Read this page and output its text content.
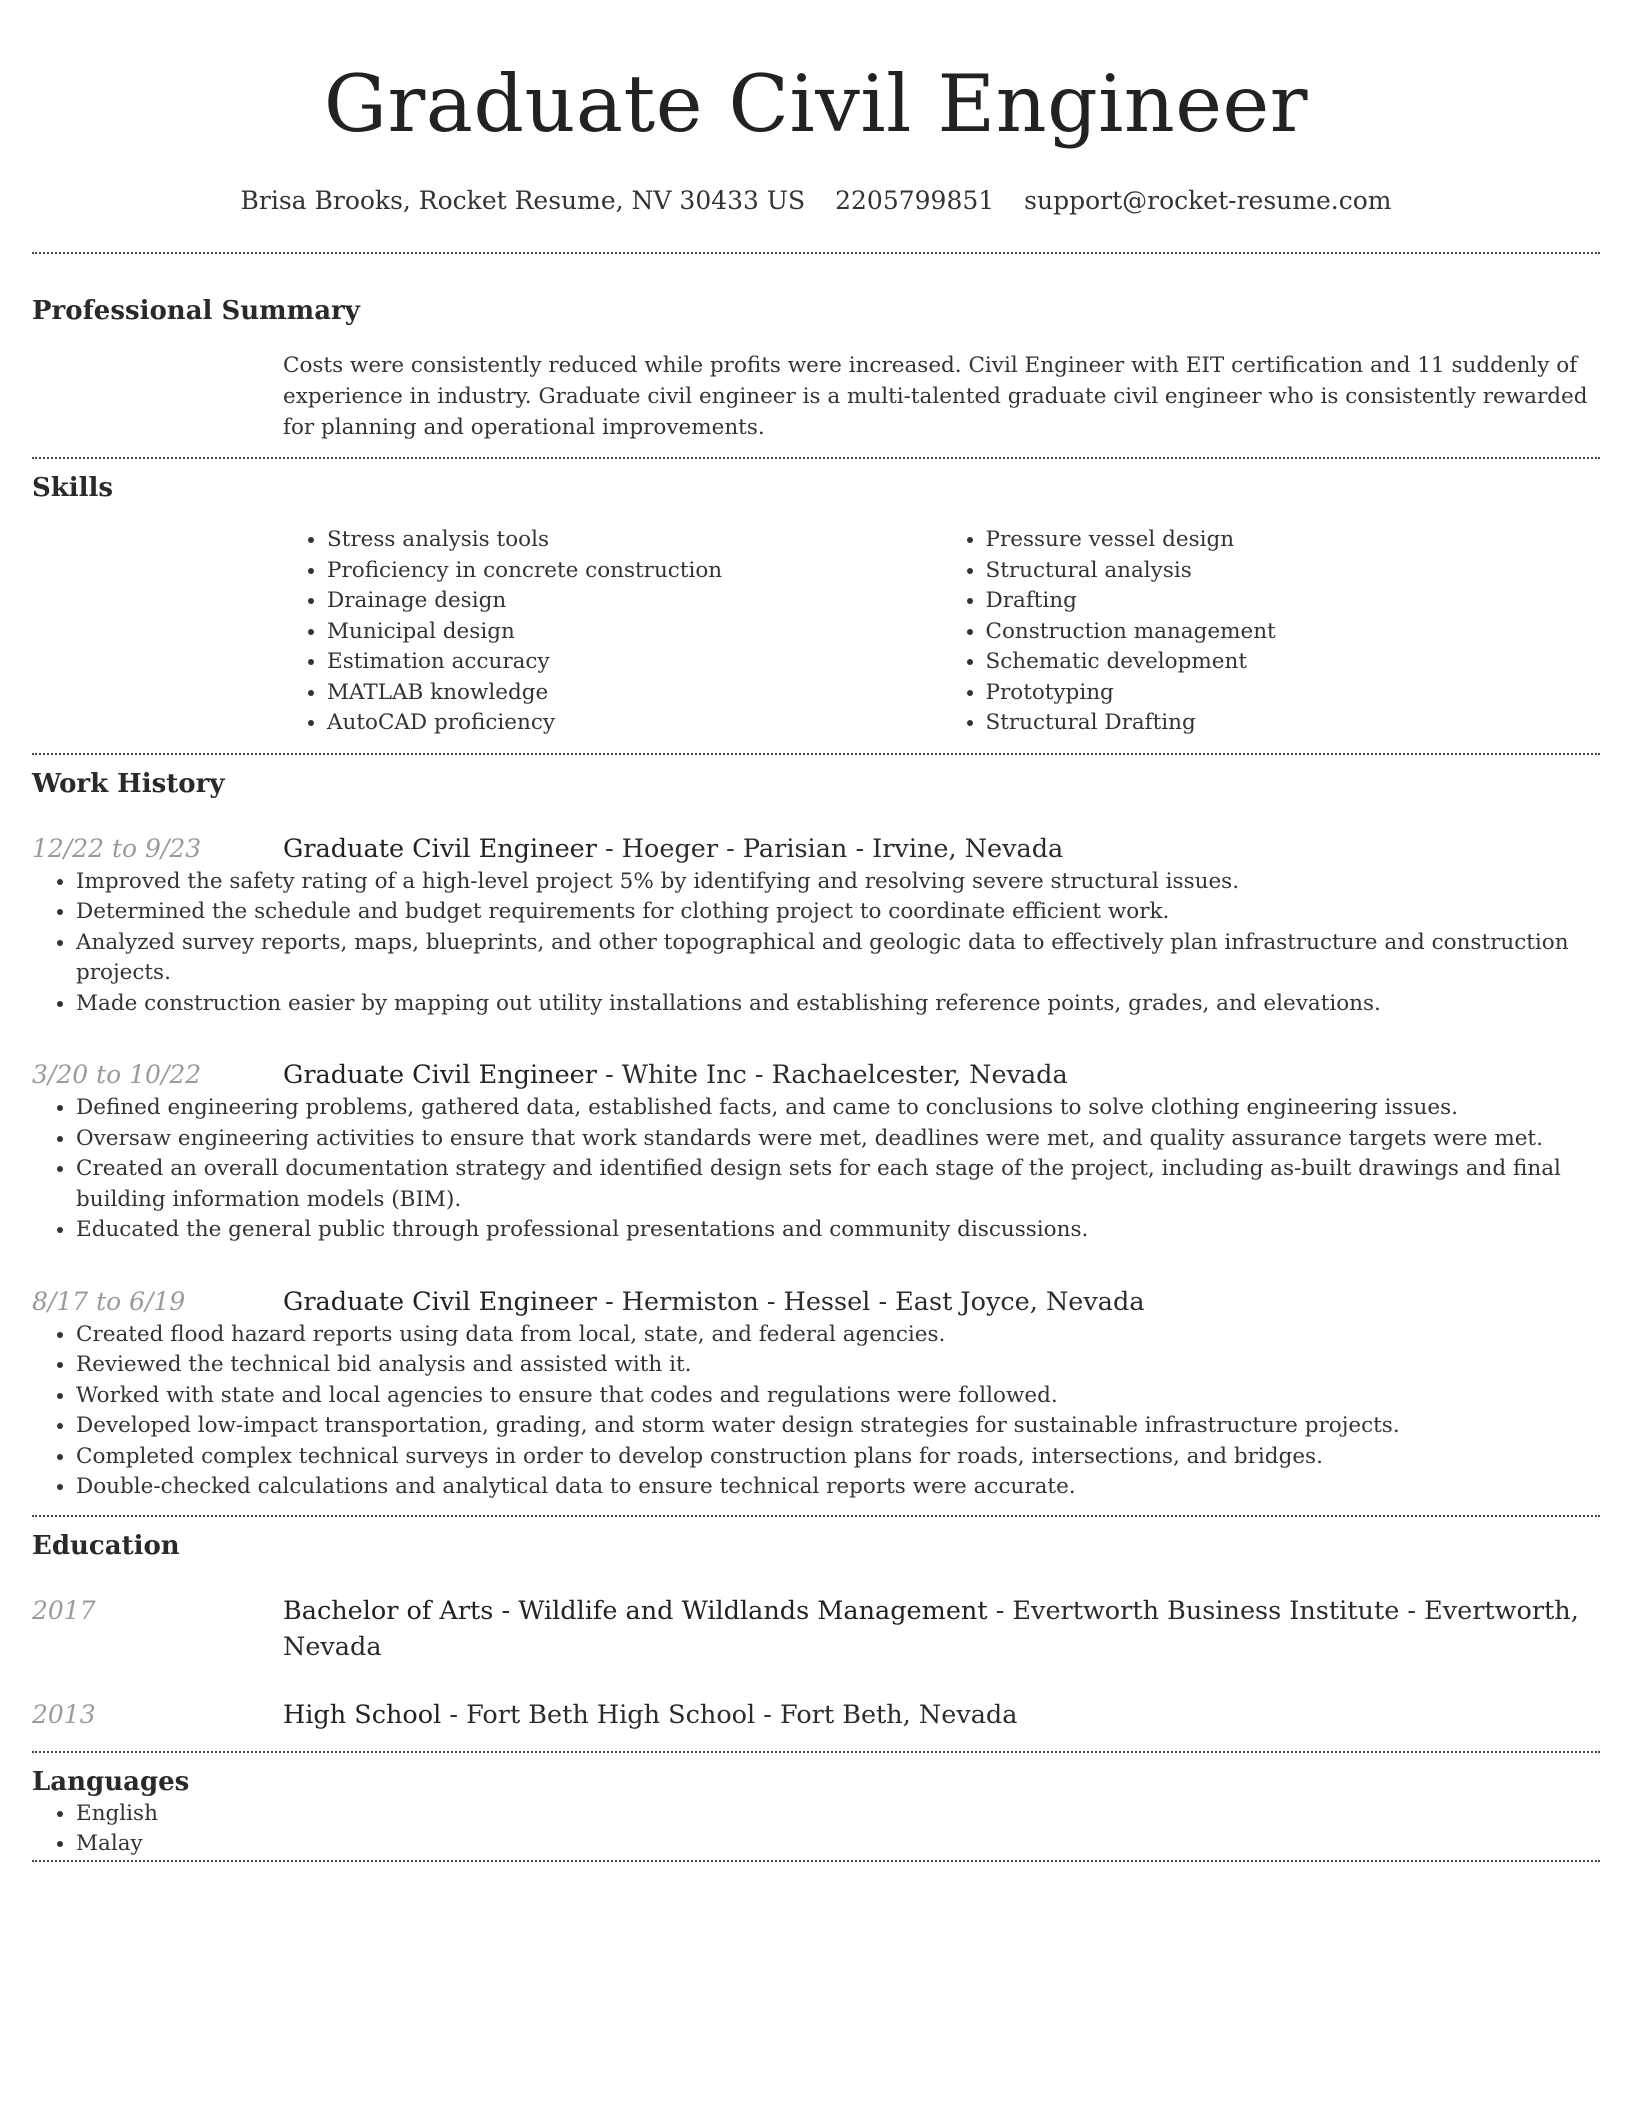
Graduate Civil Engineer
Brisa Brooks, Rocket Resume, NV 30433 US 2205799851 support@rocket-resume.com
Professional Summary
Costs were consistently reduced while profits were increased. Civil Engineer with EIT certification and 11 suddenly of experience in industry. Graduate civil engineer is a multi-talented graduate civil engineer who is consistently rewarded for planning and operational improvements.
Skills
• Stress analysis tools
• Proficiency in concrete construction
• Drainage design
• Municipal design
• Estimation accuracy
• MATLAB knowledge
• AutoCAD proficiency
• Pressure vessel design
• Structural analysis
• Drafting
• Construction management
• Schematic development
• Prototyping
• Structural Drafting
Work History
12/22 to 9/23	Graduate Civil Engineer - Hoeger - Parisian - Irvine, Nevada
• Improved the safety rating of a high-level project 5% by identifying and resolving severe structural issues.
• Determined the schedule and budget requirements for clothing project to coordinate efficient work.
• Analyzed survey reports, maps, blueprints, and other topographical and geologic data to effectively plan infrastructure and construction projects.
• Made construction easier by mapping out utility installations and establishing reference points, grades, and elevations.
3/20 to 10/22	Graduate Civil Engineer - White Inc - Rachaelcester, Nevada
• Defined engineering problems, gathered data, established facts, and came to conclusions to solve clothing engineering issues.
• Oversaw engineering activities to ensure that work standards were met, deadlines were met, and quality assurance targets were met.
• Created an overall documentation strategy and identified design sets for each stage of the project, including as-built drawings and final building information models (BIM).
• Educated the general public through professional presentations and community discussions.
8/17 to 6/19	Graduate Civil Engineer - Hermiston - Hessel - East Joyce, Nevada
• Created flood hazard reports using data from local, state, and federal agencies.
• Reviewed the technical bid analysis and assisted with it.
• Worked with state and local agencies to ensure that codes and regulations were followed.
• Developed low-impact transportation, grading, and storm water design strategies for sustainable infrastructure projects.
• Completed complex technical surveys in order to develop construction plans for roads, intersections, and bridges.
• Double-checked calculations and analytical data to ensure technical reports were accurate.
Education
2017	Bachelor of Arts - Wildlife and Wildlands Management - Evertworth Business Institute - Evertworth, Nevada
2013	High School - Fort Beth High School - Fort Beth, Nevada
Languages
• English
• Malay
